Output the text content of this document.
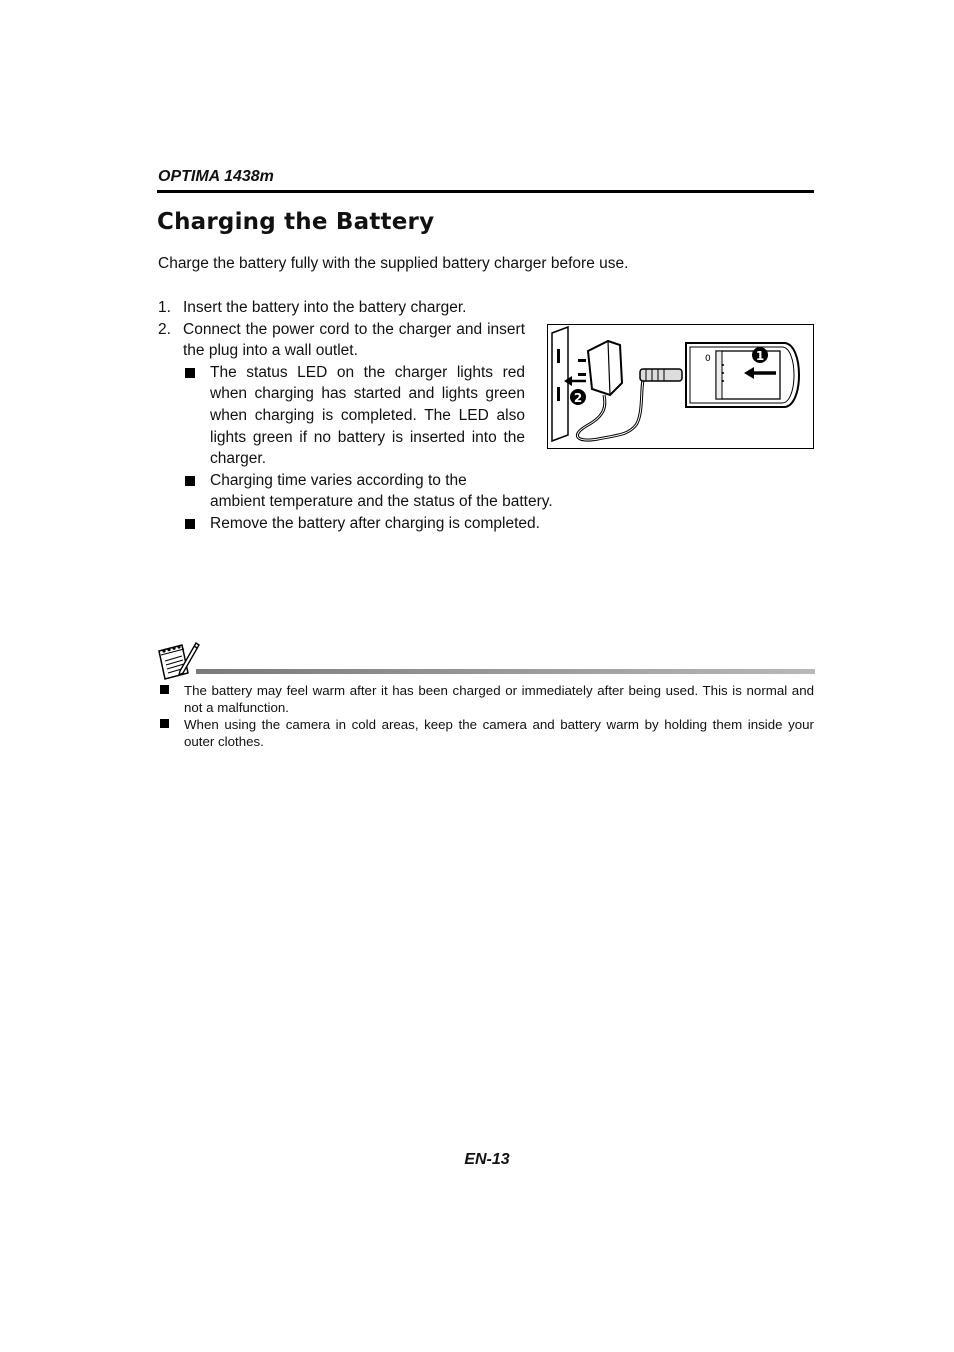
OPTIMA 1438m
Charging the Battery
Charge the battery fully with the supplied battery charger before use.
1. Insert the battery into the battery charger.
2. Connect the power cord to the charger and insert the plug into a wall outlet.
The status LED on the charger lights red when charging has started and lights green when charging is completed. The LED also lights green if no battery is inserted into the charger.
Charging time varies according to the
ambient temperature and the status of the battery.
Remove the battery after charging is completed.
2
0	1
The battery may feel warm after it has been charged or immediately after being used. This is normal and not a malfunction.
When using the camera in cold areas, keep the camera and battery warm by holding them inside your outer clothes.
EN-13
